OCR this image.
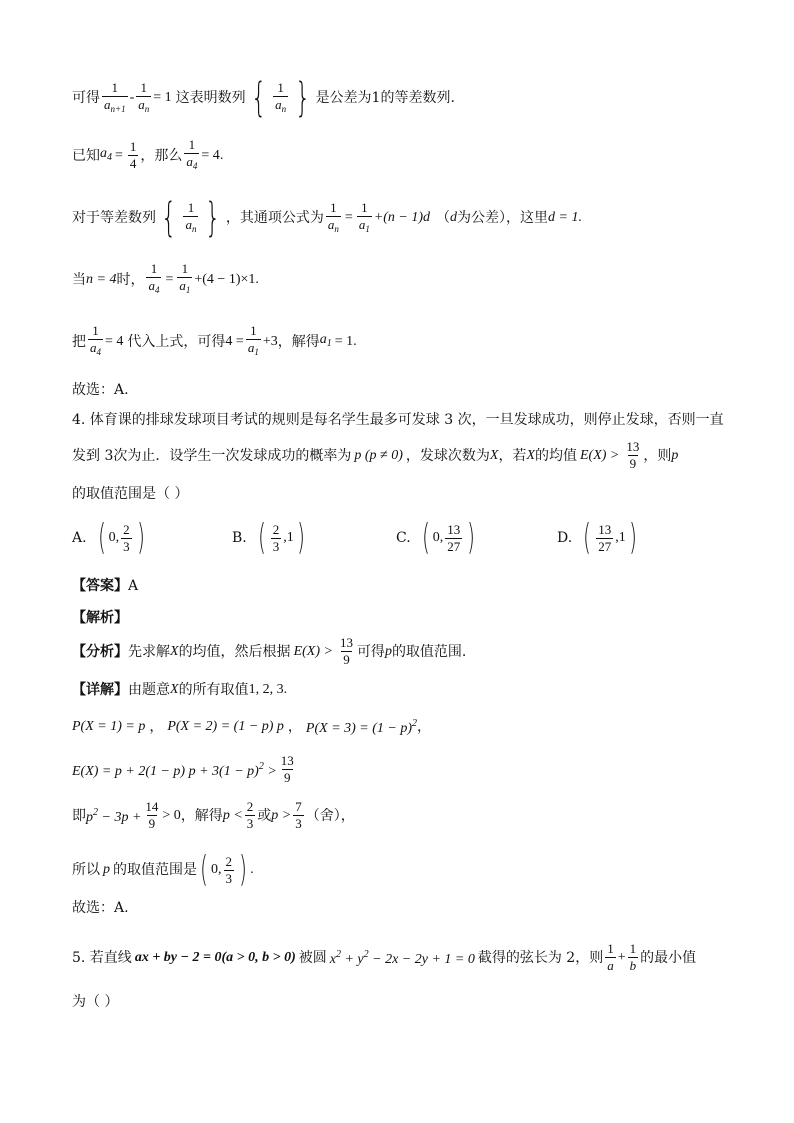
可得 $\frac{1}{a_{n+1}} - \frac{1}{a_n} = 1$ 这表明数列 { $\frac{1}{a_n}$ } 是公差为1的等差数列.
已知 $a_4 = \frac{1}{4}$ ，那么 $\frac{1}{a_4} = 4$ .
对于等差数列 { $\frac{1}{a_n}$ } ，其通项公式为 $\frac{1}{a_n} = \frac{1}{a_1} +(n - 1)d$ （ d 为公差），这里 d = 1.
当 n = 4 时， $\frac{1}{a_4} = \frac{1}{a_1} +(4 - 1)\times 1$.
把 $\frac{1}{a_4} = 4$ 代入上式，可得 $4 = \frac{1}{a_1} +3$ ，解得 $a_1 = 1$.
故选：A.
4. 体育课的排球发球项目考试的规则是每名学生最多可发球 3 次，一旦发球成功，则停止发球，否则一直
发到 3次为止．设学生一次发球成功的概率为 p (p ≠ 0) ，发球次数为 X ，若 X 的均值 $E(X) > \frac{13}{9}$ ，则 p
的取值范围是（ ）
A. ( 0, $\frac{2}{3}$ )	B. ( $\frac{2}{3} ,1$ )	C. ( 0, $\frac{13}{27}$ )	D. ( $\frac{13}{27} ,1$ )
【答案】A
【解析】
【分析】 先求解 X 的均值，然后根据 $E(X) > \frac{13}{9}$ 可得 p 的取值范围.
【详解】 由题意 X 的所有取值 1, 2, 3.
P(X = 1) = p ， P(X = 2) = (1 − p) p ， $P(X = 3) = (1 - p)^2$ ，
E(X) = p + 2(1 − p) $p + 3(1 - p)^2 > \frac{13}{9}$
即 $p^2 - 3p + \frac{14}{9} > 0$ ，解得 $p < \frac{2}{3}$ 或 $p > \frac{7}{3}$ （舍），
所以 p 的取值范围是 ( 0, $\frac{2}{3}$ ) .
故选：A.
5. 若直线 ax + by − 2 = 0(a > 0, b > 0) 被圆 $x^2 + y^2 - 2x - 2y + 1 = 0$ 截得的弦长为 2，则 $\frac{1}{a} + \frac{1}{b}$ 的最小值
为（ ）
